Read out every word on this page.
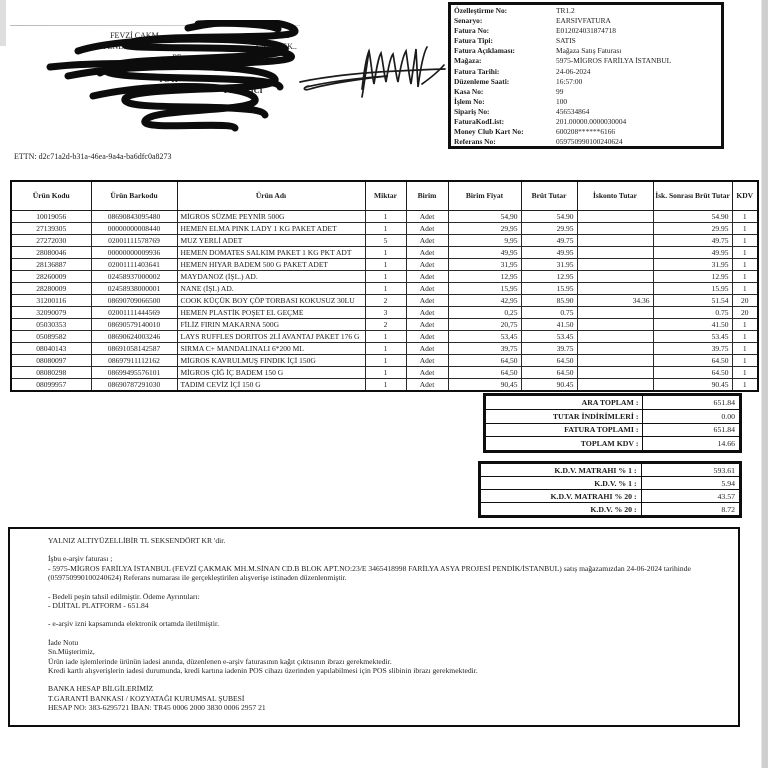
FEVZİ ÇAKM	E: 3
PENDİK/İSTA	LANIK SK..
PE
İl
TC K	k N
Vergi Dairesi:	TÜKETİCİ
Özelleştirme No:	TR1.2
Senaryo:	EARSIVFATURA
Fatura No:	E012024031874718
Fatura Tipi:	SATIS
Fatura Açıklaması:	Mağaza Satış Faturası
Mağaza:	5975-MİGROS FARİLYA İSTANBUL
Fatura Tarihi:	24-06-2024
Düzenleme Saati:	16:57:00
Kasa No:	99
İşlem No:	100
Sipariş No:	456534864
FaturaKodList:	201.00000.0000030004
Money Club Kart No:	600208******6166
Referans No:	059750990100240624
ETTN: d2c71a2d-b31a-46ea-9a4a-ba6dfc0a8273
Ürün Kodu	Ürün Barkodu	Ürün Adı	Miktar	Birim	Birim Fiyat	Brüt Tutar	İskonto Tutar	İsk. Sonrası Brüt Tutar	KDV
10019056	08690843095480	MİGROS SÜZME PEYNİR 500G	1	Adet	54,90	54.90		54.90	1
27139305	00000000008440	HEMEN ELMA PINK LADY 1 KG PAKET ADET	1	Adet	29,95	29.95		29.95	1
27272030	02001111578769	MUZ YERLİ ADET	5	Adet	9,95	49.75		49.75	1
28080046	00000000009936	HEMEN DOMATES SALKIM PAKET 1 KG PKT ADT	1	Adet	49,95	49.95		49.95	1
28136887	02001111403641	HEMEN HIYAR BADEM 500 G PAKET ADET	1	Adet	31,95	31.95		31.95	1
28260009	02458937000002	MAYDANOZ (İŞL.) AD.	1	Adet	12,95	12.95		12.95	1
28280009	02458938000001	NANE (İŞL) AD.	1	Adet	15,95	15.95		15.95	1
31200116	08690709066500	COOK KÜÇÜK BOY ÇÖP TORBASI KOKUSUZ 30LU	2	Adet	42,95	85.90	34.36	51.54	20
32090079	02001111444569	HEMEN PLASTİK POŞET EL GEÇME	3	Adet	0,25	0.75		0.75	20
05030353	08690579140010	FİLİZ FIRIN MAKARNA 500G	2	Adet	20,75	41.50		41.50	1
05089582	08690624003246	LAYS RUFFLES DORITOS 2Lİ AVANTAJ PAKET 176 G	1	Adet	53,45	53.45		53.45	1
08040143	08691058142587	SIRMA C+ MANDALINALI 6*200 ML	1	Adet	39,75	39.75		39.75	1
08080097	08697911112162	MİGROS KAVRULMUŞ FINDIK İÇİ 150G	1	Adet	64,50	64.50		64.50	1
08080298	08699495576101	MİGROS ÇİĞ İÇ BADEM 150 G	1	Adet	64,50	64.50		64.50	1
08099957	08690787291030	TADIM CEVİZ İÇİ 150 G	1	Adet	90,45	90.45		90.45	1
ARA TOPLAM :	651.84
TUTAR İNDİRİMLERİ :	0.00
FATURA TOPLAMI :	651.84
TOPLAM KDV :	14.66
K.D.V. MATRAHI % 1 :	593.61
K.D.V. % 1 :	5.94
K.D.V. MATRAHI % 20 :	43.57
K.D.V. % 20 :	8.72

YALNIZ ALTIYÜZELLİBİR TL SEKSENDÖRT KR 'dir.

İşbu e-arşiv faturası ;

- 5975-MİGROS FARİLYA İSTANBUL (FEVZİ ÇAKMAK MH.M.SİNAN CD.B BLOK APT.NO:23/E 3465418998 FARİLYA ASYA PROJESİ PENDİK/İSTANBUL) satış mağazamızdan 24-06-2024 tarihinde

(059750990100240624) Referans numarası ile gerçekleştirilen alışverişe istinaden düzenlenmiştir.

- Bedeli peşin tahsil edilmiştir. Ödeme Ayrıntıları:

- DİJİTAL PLATFORM - 651.84

- e-arşiv izni kapsamında elektronik ortamda iletilmiştir.

İade Notu

Sn.Müşterimiz,

Ürün iade işlemlerinde ürünün iadesi anında, düzenlenen e-arşiv faturasının kağıt çıktısının ibrazı gerekmektedir.

Kredi kartlı alışverişlerin iadesi durumunda, kredi kartına iadenin POS cihazı üzerinden yapılabilmesi için POS slibinin ibrazı gerekmektedir.

BANKA HESAP BİLGİLERİMİZ

T.GARANTİ BANKASI / KOZYATAĞI KURUMSAL ŞUBESİ

HESAP NO: 383-6295721 İBAN: TR45 0006 2000 3830 0006 2957 21
